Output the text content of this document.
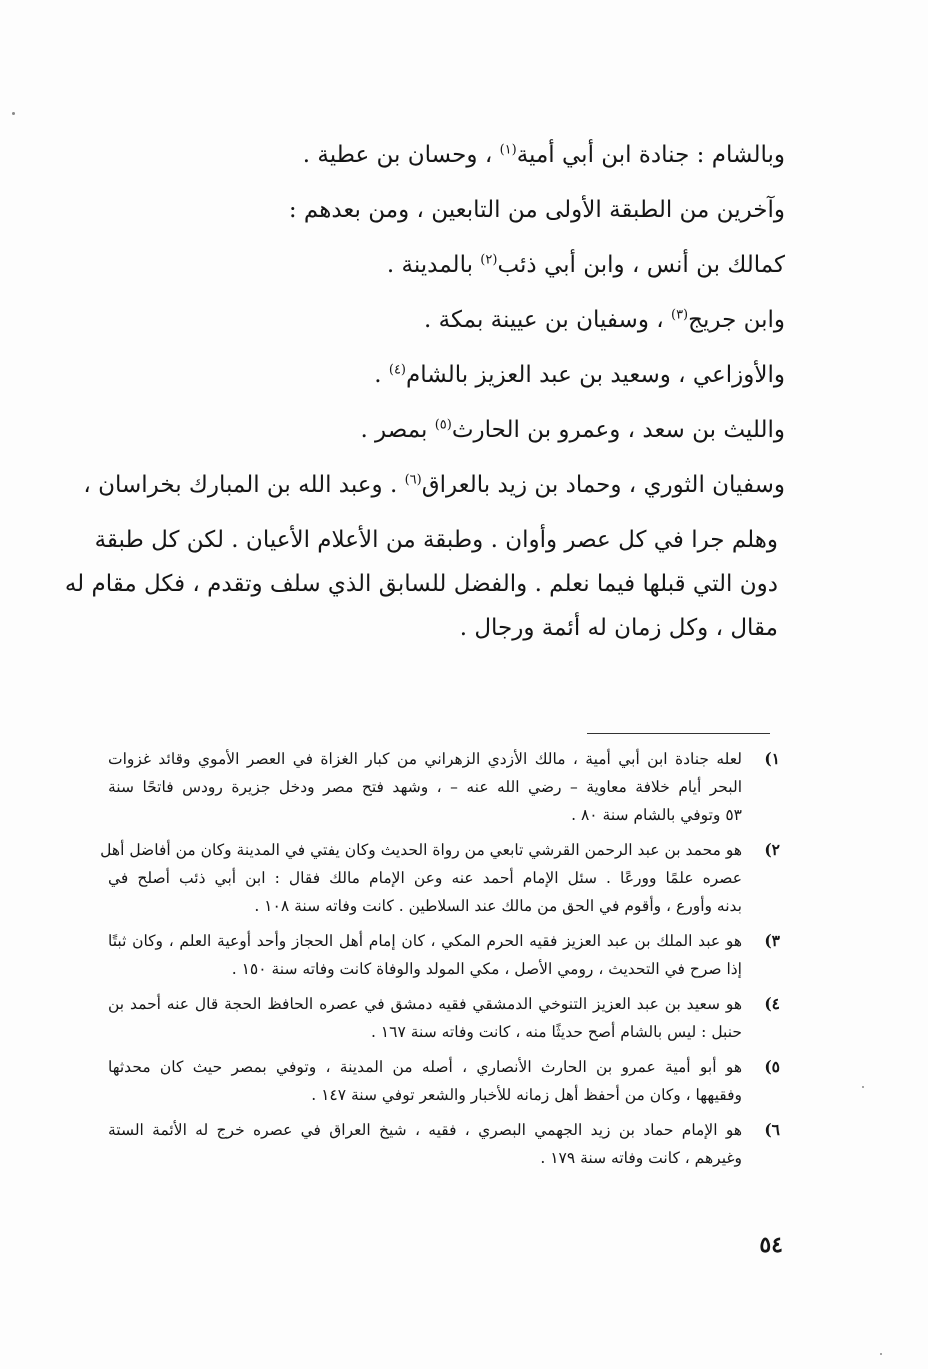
وبالشام : جنادة ابن أبي أمية$^{(١)}$ ، وحسان بن عطية .
وآخرين من الطبقة الأولى من التابعين ، ومن بعدهم :
كمالك بن أنس ، وابن أبي ذئب$^{(٢)}$ بالمدينة .
وابن جريج$^{(٣)}$ ، وسفيان بن عيينة بمكة .
والأوزاعي ، وسعيد بن عبد العزيز بالشام$^{(٤)}$ .
والليث بن سعد ، وعمرو بن الحارث$^{(٥)}$ بمصر .
وسفيان الثوري ، وحماد بن زيد بالعراق$^{(٦)}$ . وعبد الله بن المبارك بخراسان ،
وهلم جرا في كل عصر وأوان . وطبقة من الأعلام الأعيان . لكن كل طبقة
دون التي قبلها فيما نعلم . والفضل للسابق الذي سلف وتقدم ، فكل مقام له
مقال ، وكل زمان له أئمة ورجال .
١)
لعله جنادة ابن أبي أمية ، مالك الأزدي الزهراني من كبار الغزاة في العصر الأموي وقائد غزوات
البحر أيام خلافة معاوية – رضي الله عنه – ، وشهد فتح مصر ودخل جزيرة رودس فاتحًا سنة
٥٣ وتوفي بالشام سنة ٨٠ .
٢)
هو محمد بن عبد الرحمن القرشي تابعي من رواة الحديث وكان يفتي في المدينة وكان من أفاضل أهل
عصره علمًا وورعًا . سئل الإمام أحمد عنه وعن الإمام مالك فقال : ابن أبي ذئب أصلح في
بدنه وأورع ، وأقوم في الحق من مالك عند السلاطين . كانت وفاته سنة ١٠٨ .
٣)
هو عبد الملك بن عبد العزيز فقيه الحرم المكي ، كان إمام أهل الحجاز وأحد أوعية العلم ، وكان ثبتًا
إذا صرح في التحديث ، رومي الأصل ، مكي المولد والوفاة كانت وفاته سنة ١٥٠ .
٤)
هو سعيد بن عبد العزيز التنوخي الدمشقي فقيه دمشق في عصره الحافظ الحجة قال عنه أحمد بن
حنبل : ليس بالشام أصح حديثًا منه ، كانت وفاته سنة ١٦٧ .
٥)
هو أبو أمية عمرو بن الحارث الأنصاري ، أصله من المدينة ، وتوفي بمصر حيث كان محدثها
وفقيهها ، وكان من أحفظ أهل زمانه للأخبار والشعر توفي سنة ١٤٧ .
٦)
هو الإمام حماد بن زيد الجهمي البصري ، فقيه ، شيخ العراق في عصره خرج له الأئمة الستة
وغيرهم ، كانت وفاته سنة ١٧٩ .
٥٤
